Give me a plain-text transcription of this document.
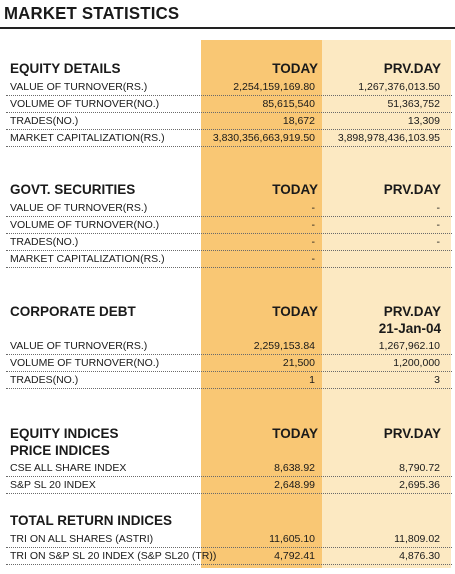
MARKET STATISTICS
EQUITY DETAILS	TODAY	PRV.DAY
VALUE OF TURNOVER(RS.)	2,254,159,169.80	1,267,376,013.50
VOLUME OF TURNOVER(NO.)	85,615,540	51,363,752
TRADES(NO.)	18,672	13,309
MARKET CAPITALIZATION(RS.)	3,830,356,663,919.50 3,898,978,436,103.95
GOVT. SECURITIES	TODAY	PRV.DAY
VALUE OF TURNOVER(RS.)	-	-
VOLUME OF TURNOVER(NO.)	-	-
TRADES(NO.)	-	-
MARKET CAPITALIZATION(RS.)	-
CORPORATE DEBT	TODAY	PRV.DAY
21-Jan-04
VALUE OF TURNOVER(RS.)	2,259,153.84	1,267,962.10
VOLUME OF TURNOVER(NO.)	21,500	1,200,000
TRADES(NO.)	1	3
EQUITY INDICES
PRICE INDICES
TODAY	PRV.DAY
CSE ALL SHARE INDEX	8,638.92	8,790.72
S&P SL 20 INDEX	2,648.99	2,695.36
TOTAL RETURN INDICES
TRI ON ALL SHARES (ASTRI)	11,605.10	11,809.02
TRI ON S&P SL 20 INDEX (S&P SL20 (TR))	4,792.41	4,876.30
